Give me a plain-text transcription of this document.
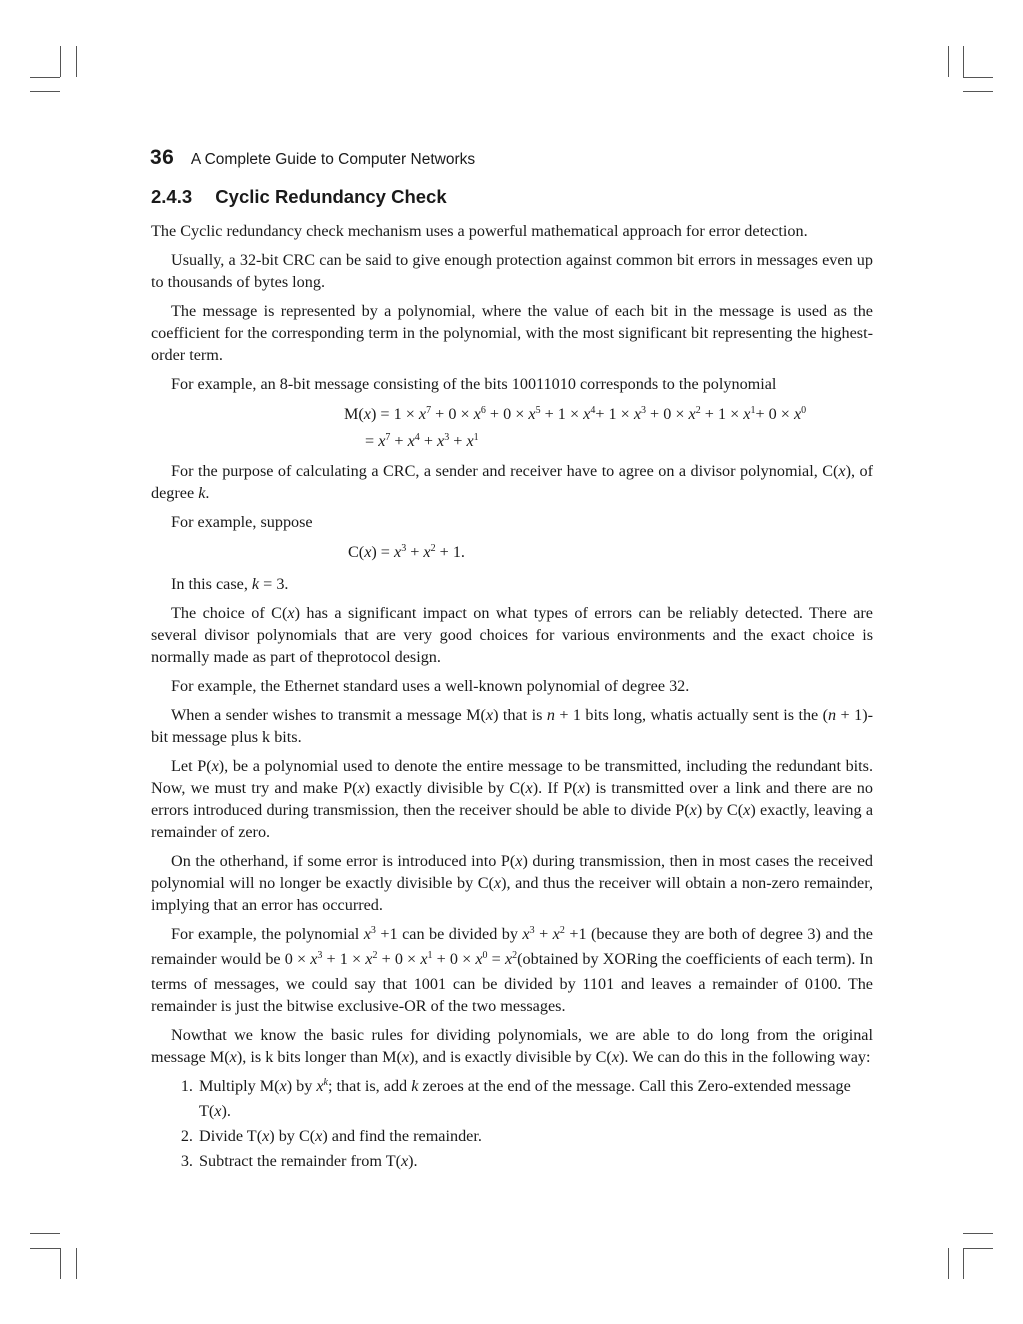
36 A Complete Guide to Computer Networks
2.4.3 Cyclic Redundancy Check

The Cyclic redundancy check mechanism uses a powerful mathematical approach for error detection.

Usually, a 32-bit CRC can be said to give enough protection against common bit errors in messages even up to thousands of bytes long.

The message is represented by a polynomial, where the value of each bit in the message is used as the coefficient for the corresponding term in the polynomial, with the most significant bit representing the highest-order term.

For example, an 8-bit message consisting of the bits 10011010 corresponds to the polynomial

$M(x) = 1 \times x^7 + 0 \times x^6 + 0 \times x^5 + 1 \times x^4+ 1 \times x^3 + 0 \times x^2 + 1 \times x^1+ 0 \times x^0$
= $x^7 + x^4 + x^3 + x^1$

For the purpose of calculating a CRC, a sender and receiver have to agree on a divisor polynomial, C(x), of degree k.

For example, suppose

$C(x) = x^3 + x^2 + 1$.

In this case, k = 3.

The choice of C(x) has a significant impact on what types of errors can be reliably detected. There are several divisor polynomials that are very good choices for various environments and the exact choice is normally made as part of theprotocol design.

For example, the Ethernet standard uses a well-known polynomial of degree 32.

When a sender wishes to transmit a message M(x) that is n + 1 bits long, whatis actually sent is the (n + 1)-bit message plus k bits.

Let P(x), be a polynomial used to denote the entire message to be transmitted, including the redundant bits. Now, we must try and make P(x) exactly divisible by C(x). If P(x) is transmitted over a link and there are no errors introduced during transmission, then the receiver should be able to divide P(x) by C(x) exactly, leaving a remainder of zero.

On the otherhand, if some error is introduced into P(x) during transmission, then in most cases the received polynomial will no longer be exactly divisible by C(x), and thus the receiver will obtain a non-zero remainder, implying that an error has occurred.

For example, the polynomial $x^3 +1$ can be divided by $x^3 + x^2 +1$ (because they are both of degree 3) and the remainder would be $0 \times x^3 + 1 \times x^2 + 0 \times x^1 + 0 \times x^0$ = $x^2(obtained$ by XORing the coefficients of each term). In terms of messages, we could say that 1001 can be divided by 1101 and leaves a remainder of 0100. The remainder is just the bitwise exclusive-OR of the two messages.

Nowthat we know the basic rules for dividing polynomials, we are able to do long from the original message M(x), is k bits longer than M(x), and is exactly divisible by C(x). We can do this in the following way:

1. Multiply M(x) by $x^k$; that is, add k zeroes at the end of the message. Call this Zero-extended message T(x).
2. Divide T(x) by C(x) and find the remainder.
3. Subtract the remainder from T(x).
